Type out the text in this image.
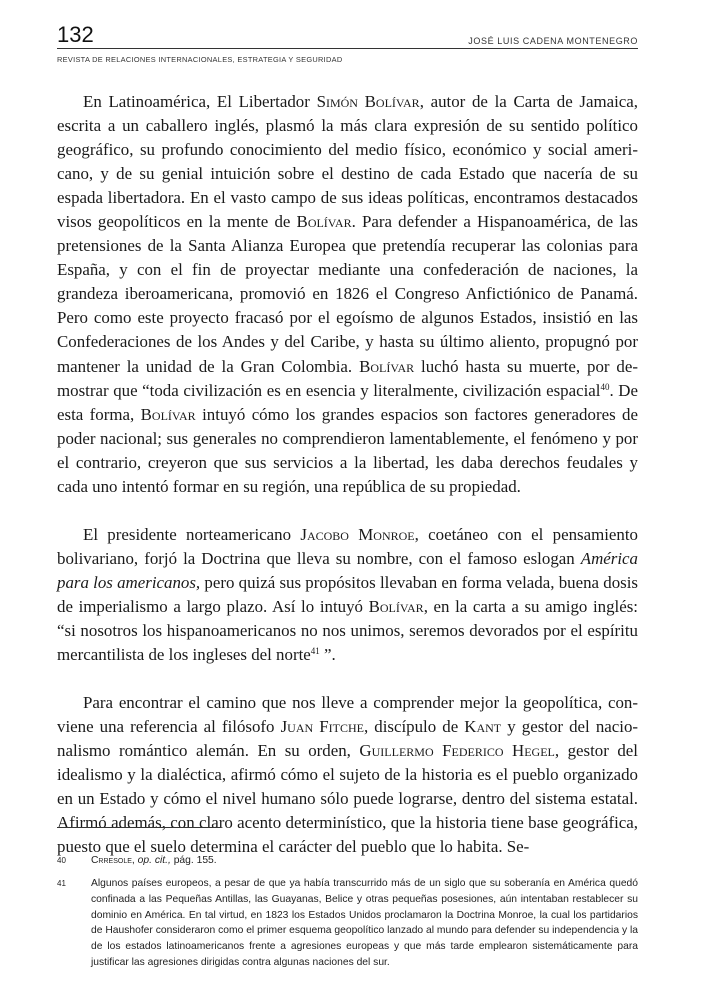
132	JOSÉ LUIS CADENA MONTENEGRO
REVISTA DE RELACIONES INTERNACIONALES, ESTRATEGIA Y SEGURIDAD

En Latinoamérica, El Libertador Simón Bolívar, autor de la Carta de Jamaica, escrita a un caballero inglés, plasmó la más clara expresión de su sentido político geográfico, su profundo conocimiento del medio físico, económico y social americano, y de su genial intuición sobre el destino de cada Estado que nacería de su espada libertadora. En el vasto campo de sus ideas políticas, encontramos destacados visos geopolíticos en la mente de Bolívar. Para defender a Hispanoamérica, de las pretensiones de la Santa Alianza Europea que pretendía recuperar las colonias para España, y con el fin de proyectar mediante una confederación de naciones, la grandeza iberoamericana, promovió en 1826 el Congreso Anfictiónico de Panamá. Pero como este proyecto fracasó por el egoísmo de algunos Estados, insistió en las Confederaciones de los Andes y del Caribe, y hasta su último aliento, propugnó por mantener la unidad de la Gran Colombia. Bolívar luchó hasta su muerte, por demostrar que “toda civilización es en esencia y literalmente, civilización espacial$^{40}$. De esta forma, Bolívar intuyó cómo los grandes espacios son factores generadores de poder nacional; sus generales no comprendieron lamentablemente, el fenómeno y por el contrario, creyeron que sus servicios a la libertad, les daba derechos feudales y cada uno intentó formar en su región, una república de su propiedad.

El presidente norteamericano Jacobo Monroe, coetáneo con el pensamiento bolivariano, forjó la Doctrina que lleva su nombre, con el famoso eslogan América para los americanos, pero quizá sus propósitos llevaban en forma velada, buena dosis de imperialismo a largo plazo. Así lo intuyó Bolívar, en la carta a su amigo inglés: “si nosotros los hispanoamericanos no nos unimos, seremos devorados por el espíritu mercantilista de los ingleses del norte$^{41}$ ”.

Para encontrar el camino que nos lleve a comprender mejor la geopolítica, conviene una referencia al filósofo Juan Fitche, discípulo de Kant y gestor del nacionalismo romántico alemán. En su orden, Guillermo Federico Hegel, gestor del idealismo y la dialéctica, afirmó cómo el sujeto de la historia es el pueblo organizado en un Estado y cómo el nivel humano sólo puede lograrse, dentro del sistema estatal. Afirmó además, con claro acento determinístico, que la historia tiene base geográfica, puesto que el suelo determina el carácter del pueblo que lo habita. Se-

40 Crresole, op. cit., pág. 155.
41 Algunos países europeos, a pesar de que ya había transcurrido más de un siglo que su soberanía en América quedó confinada a las Pequeñas Antillas, las Guayanas, Belice y otras pequeñas posesiones, aún intentaban restablecer su dominio en América. En tal virtud, en 1823 los Estados Unidos proclamaron la Doctrina Monroe, la cual los partidarios de Haushofer consideraron como el primer esquema geopolítico lanzado al mundo para defender su independencia y la de los estados latinoamericanos frente a agresiones europeas y que más tarde emplearon sistemáticamente para justificar las agresiones dirigidas contra algunas naciones del sur.
